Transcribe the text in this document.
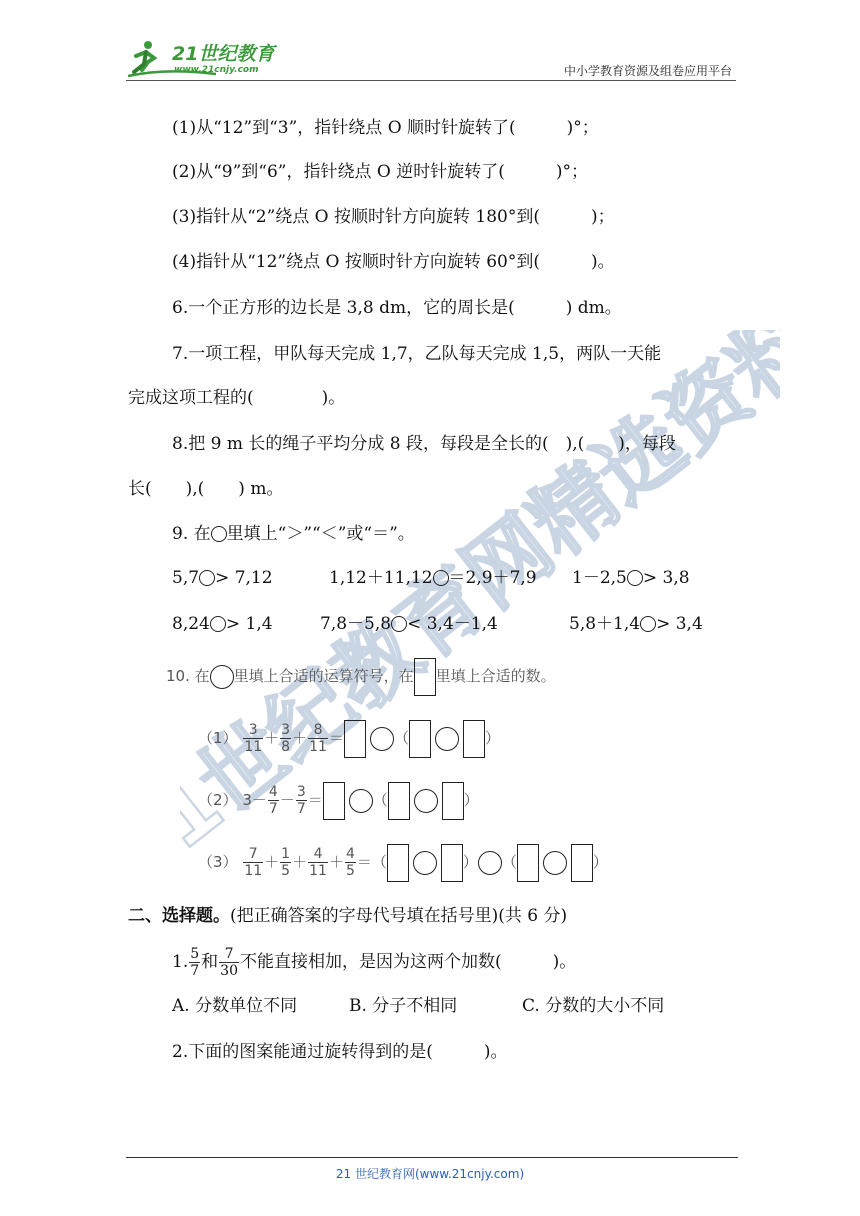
21世纪教育
www.21cnjy.com	中小学教育资源及组卷应用平台
21世纪教育网精选资料
(1)从“12”到“3”，指针绕点 O 顺时针旋转了(　　　)°；
(2)从“9”到“6”，指针绕点 O 逆时针旋转了(　　　)°；
(3)指针从“2”绕点 O 按顺时针方向旋转 180°到(　　　)；
(4)指针从“12”绕点 O 按顺时针方向旋转 60°到(　　　)。
6.一个正方形的边长是 3,8 dm，它的周长是(　　　) dm。
7.一项工程，甲队每天完成 1,7，乙队每天完成 1,5，两队一天能
完成这项工程的(　　　　)。
8.把 9 m 长的绳子平均分成 8 段，每段是全长的(　),(　　)，每段
长(　　),(　　) m。
9. 在 里填上“＞”“＜”或“＝”。
5,7 > 7,12	1,12＋11,12 ＝2,9＋7,9 1－2,5 > 3,8
8,24 > 1,4	7,8－5,8 < 3,4－1,4	5,8＋1,4 > 3,4
10. 在 里填上合适的运算符号，在 里填上合适的数。
$(1) \frac{3}{11} + \frac{3}{8} + \frac{8}{11}$ ＝	（	）
（2） $3- \frac{4}{7} - \frac{3}{7}$ ＝	（	）
$(3) \frac{7}{11} + \frac{1}{5} + \frac{4}{11} + \frac{4}{5}$ ＝（	） （	）
二、选择题。(把正确答案的字母代号填在括号里)(共 6 分)
1. $\frac{5}{7}$ 和 $\frac{7}{30}$ 不能直接相加，是因为这两个加数(　　　)。
A. 分数单位不同	B. 分子不相同	C. 分数的大小不同
2.下面的图案能通过旋转得到的是(　　　)。
21 世纪教育网(www.21cnjy.com)
